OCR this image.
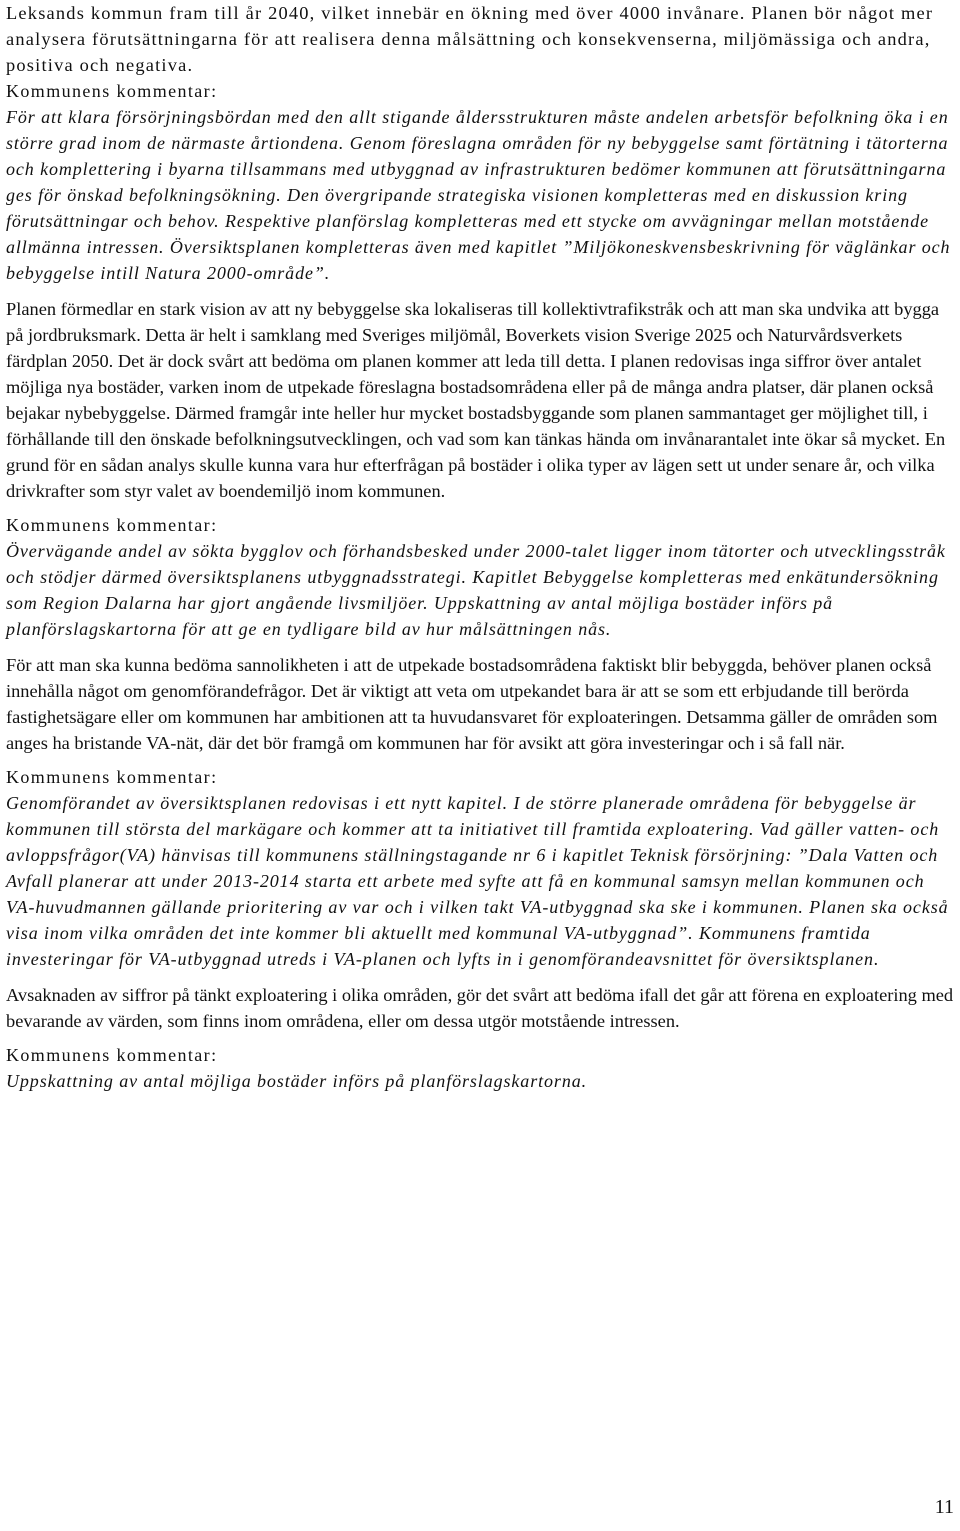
Leksands kommun fram till år 2040, vilket innebär en ökning med över 4000 invånare. Planen bör något mer analysera förutsättningarna för att realisera denna målsättning och konsekvenserna, miljömässiga och andra, positiva och negativa.

Kommunens kommentar:

För att klara försörjningsbördan med den allt stigande åldersstrukturen måste andelen arbetsför befolkning öka i en större grad inom de närmaste årtiondena. Genom föreslagna områden för ny bebyggelse samt förtätning i tätorterna och komplettering i byarna tillsammans med utbyggnad av infrastrukturen bedömer kommunen att förutsättningarna ges för önskad befolkningsökning. Den övergripande strategiska visionen kompletteras med en diskussion kring förutsättningar och behov. Respektive planförslag kompletteras med ett stycke om avvägningar mellan motstående allmänna intressen. Översiktsplanen kompletteras även med kapitlet ”Miljökoneskvensbeskrivning för väglänkar och bebyggelse intill Natura 2000-område”.

Planen förmedlar en stark vision av att ny bebyggelse ska lokaliseras till kollektivtrafikstråk och att man ska undvika att bygga på jordbruksmark. Detta är helt i samklang med Sveriges miljömål, Boverkets vision Sverige 2025 och Naturvårdsverkets färdplan 2050. Det är dock svårt att bedöma om planen kommer att leda till detta. I planen redovisas inga siffror över antalet möjliga nya bostäder, varken inom de utpekade föreslagna bostadsområdena eller på de många andra platser, där planen också bejakar nybebyggelse. Därmed framgår inte heller hur mycket bostadsbyggande som planen sammantaget ger möjlighet till, i förhållande till den önskade befolkningsutvecklingen, och vad som kan tänkas hända om invånarantalet inte ökar så mycket. En grund för en sådan analys skulle kunna vara hur efterfrågan på bostäder i olika typer av lägen sett ut under senare år, och vilka drivkrafter som styr valet av boendemiljö inom kommunen.

Kommunens kommentar:

Övervägande andel av sökta bygglov och förhandsbesked under 2000-talet ligger inom tätorter och utvecklingsstråk och stödjer därmed översiktsplanens utbyggnadsstrategi. Kapitlet Bebyggelse kompletteras med enkätundersökning som Region Dalarna har gjort angående livsmiljöer. Uppskattning av antal möjliga bostäder införs på planförslagskartorna för att ge en tydligare bild av hur målsättningen nås.

För att man ska kunna bedöma sannolikheten i att de utpekade bostadsområdena faktiskt blir bebyggda, behöver planen också innehålla något om genomförandefrågor. Det är viktigt att veta om utpekandet bara är att se som ett erbjudande till berörda fastighetsägare eller om kommunen har ambitionen att ta huvudansvaret för exploateringen. Detsamma gäller de områden som anges ha bristande VA-nät, där det bör framgå om kommunen har för avsikt att göra investeringar och i så fall när.

Kommunens kommentar:

Genomförandet av översiktsplanen redovisas i ett nytt kapitel. I de större planerade områdena för bebyggelse är kommunen till största del markägare och kommer att ta initiativet till framtida exploatering. Vad gäller vatten- och avloppsfrågor(VA) hänvisas till kommunens ställningstagande nr 6 i kapitlet Teknisk försörjning: ”Dala Vatten och Avfall planerar att under 2013-2014 starta ett arbete med syfte att få en kommunal samsyn mellan kommunen och VA-huvudmannen gällande prioritering av var och i vilken takt VA-utbyggnad ska ske i kommunen. Planen ska också visa inom vilka områden det inte kommer bli aktuellt med kommunal VA-utbyggnad”. Kommunens framtida investeringar för VA-utbyggnad utreds i VA-planen och lyfts in i genomförandeavsnittet för översiktsplanen.

Avsaknaden av siffror på tänkt exploatering i olika områden, gör det svårt att bedöma ifall det går att förena en exploatering med bevarande av värden, som finns inom områdena, eller om dessa utgör motstående intressen.

Kommunens kommentar:

Uppskattning av antal möjliga bostäder införs på planförslagskartorna.

11
